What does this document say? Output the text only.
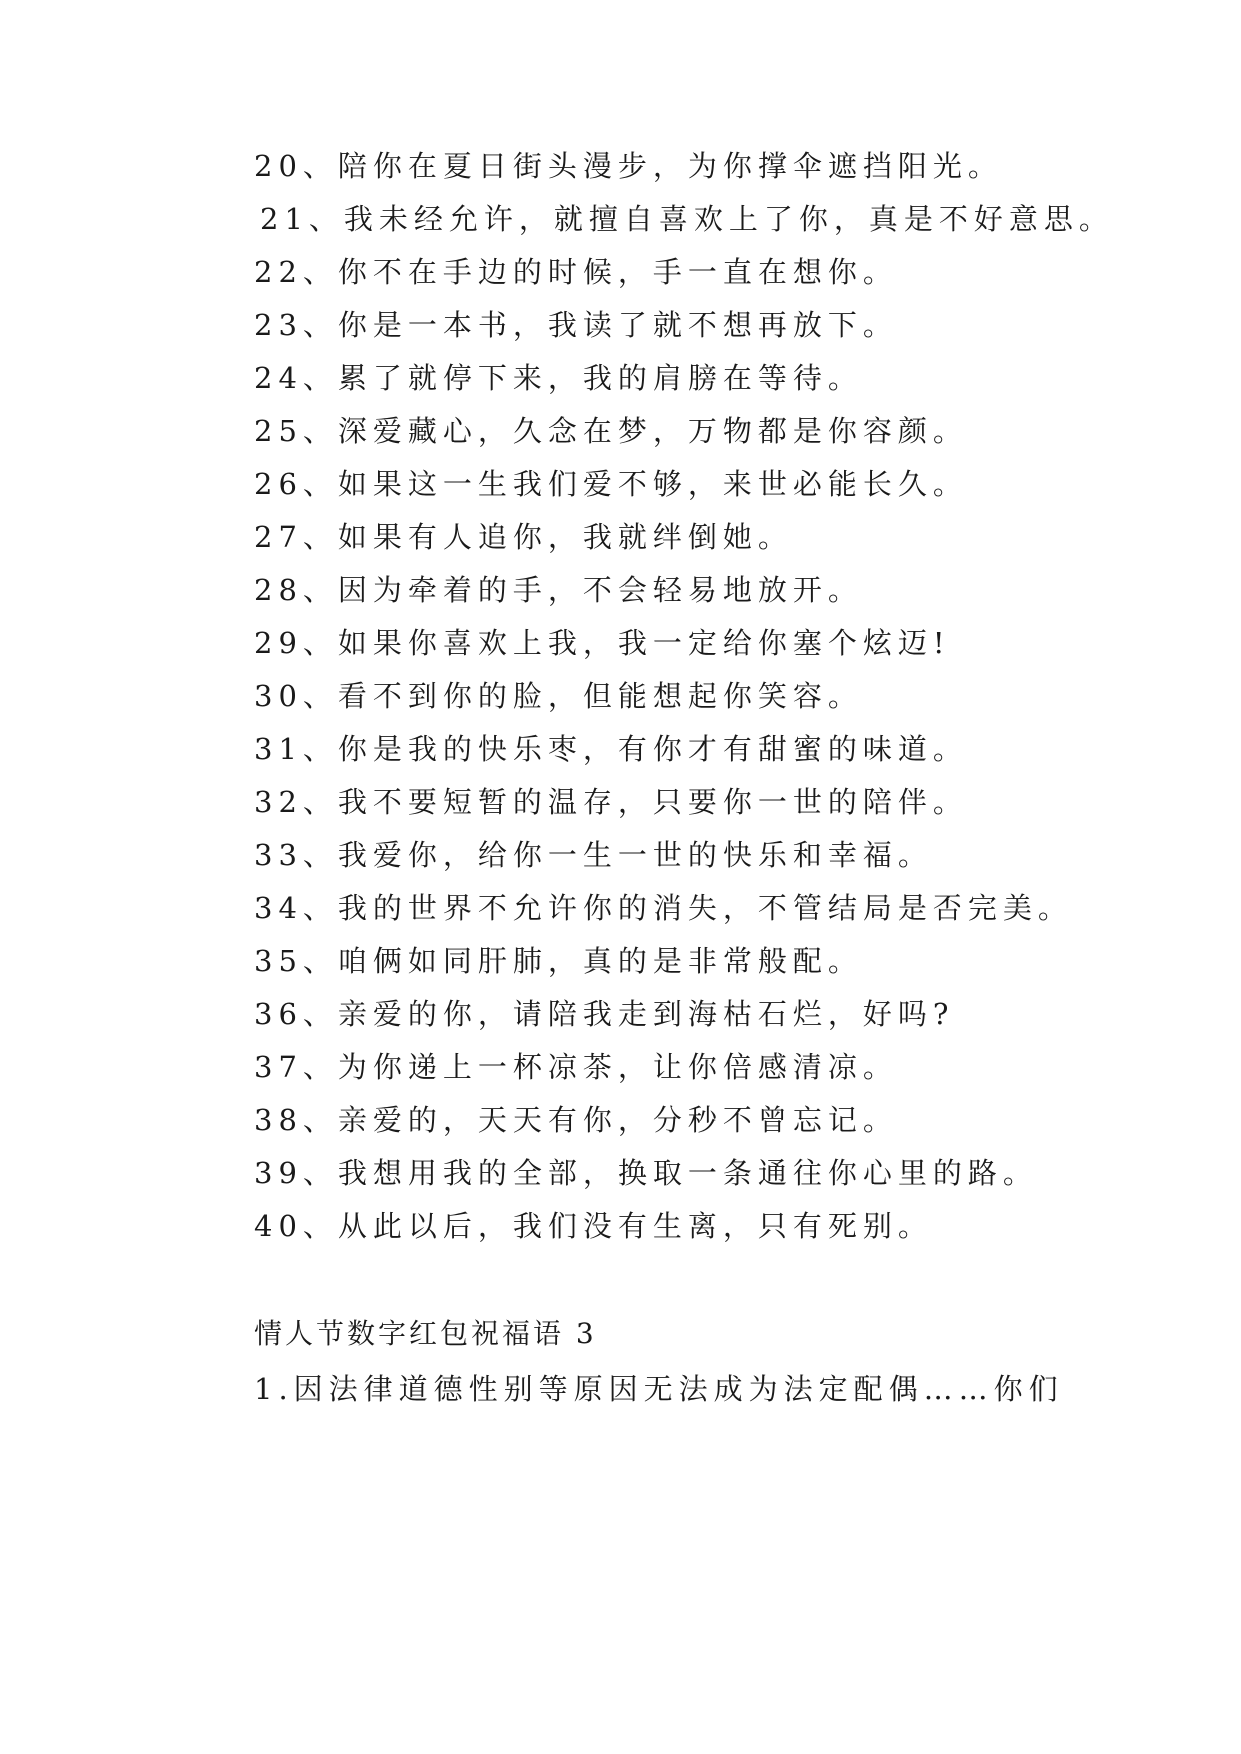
20、陪你在夏日街头漫步，为你撑伞遮挡阳光。
21、我未经允许，就擅自喜欢上了你，真是不好意思。
22、你不在手边的时候，手一直在想你。
23、你是一本书，我读了就不想再放下。
24、累了就停下来，我的肩膀在等待。
25、深爱藏心，久念在梦，万物都是你容颜。
26、如果这一生我们爱不够，来世必能长久。
27、如果有人追你，我就绊倒她。
28、因为牵着的手，不会轻易地放开。
29、如果你喜欢上我，我一定给你塞个炫迈!
30、看不到你的脸，但能想起你笑容。
31、你是我的快乐枣，有你才有甜蜜的味道。
32、我不要短暂的温存，只要你一世的陪伴。
33、我爱你，给你一生一世的快乐和幸福。
34、我的世界不允许你的消失，不管结局是否完美。
35、咱俩如同肝肺，真的是非常般配。
36、亲爱的你，请陪我走到海枯石烂，好吗?
37、为你递上一杯凉茶，让你倍感清凉。
38、亲爱的，天天有你，分秒不曾忘记。
39、我想用我的全部，换取一条通往你心里的路。
40、从此以后，我们没有生离，只有死别。
情人节数字红包祝福语 3
1.因法律道德性别等原因无法成为法定配偶……你们
